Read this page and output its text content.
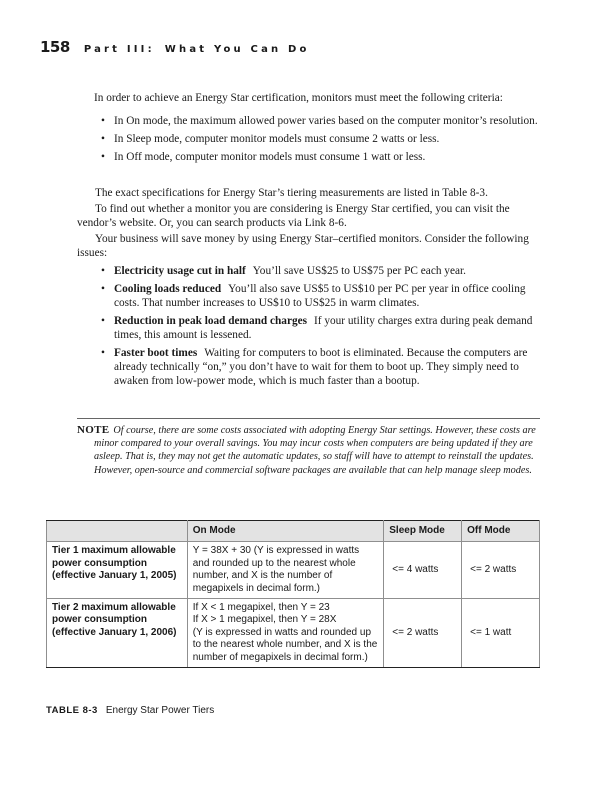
158 Part III: What You Can Do
In order to achieve an Energy Star certification, monitors must meet the following criteria:
• In On mode, the maximum allowed power varies based on the computer monitor’s resolution.
• In Sleep mode, computer monitor models must consume 2 watts or less.
• In Off mode, computer monitor models must consume 1 watt or less.

The exact specifications for Energy Star’s tiering measurements are listed in Table 8-3.

To find out whether a monitor you are considering is Energy Star certified, you can visit the vendor’s website. Or, you can search products via Link 8-6.

Your business will save money by using Energy Star–certified monitors. Consider the following issues:

• Electricity usage cut in half You’ll save US$25 to US$75 per PC each year.
• Cooling loads reduced You’ll also save US$5 to US$10 per PC per year in office cooling costs. That number increases to US$10 to US$25 in warm climates.
• Reduction in peak load demand charges If your utility charges extra during peak demand times, this amount is lessened.
• Faster boot times Waiting for computers to boot is eliminated. Because the computers are already technically “on,” you don’t have to wait for them to boot up. They simply need to awaken from low-power mode, which is much faster than a bootup.

NOTE Of course, there are some costs associated with adopting Energy Star settings. However, these costs are minor compared to your overall savings. You may incur costs when computers are being updated if they are asleep. That is, they may not get the automatic updates, so staff will have to attempt to reinstall the updates. However, open-source and commercial software packages are available that can help manage sleep modes.

	On Mode	Sleep Mode	Off Mode
Tier 1 maximum allowable power consumption (effective January 1, 2005)	Y = 38X + 30 (Y is expressed in watts and rounded up to the nearest whole number, and X is the number of megapixels in decimal form.)	<= 4 watts	<= 2 watts
Tier 2 maximum allowable power consumption (effective January 1, 2006)	If X < 1 megapixel, then Y = 23
If X > 1 megapixel, then Y = 28X
(Y is expressed in watts and rounded up to the nearest whole number, and X is the number of megapixels in decimal form.)	<= 2 watts	<= 1 watt
TABLE 8-3 Energy Star Power Tiers
